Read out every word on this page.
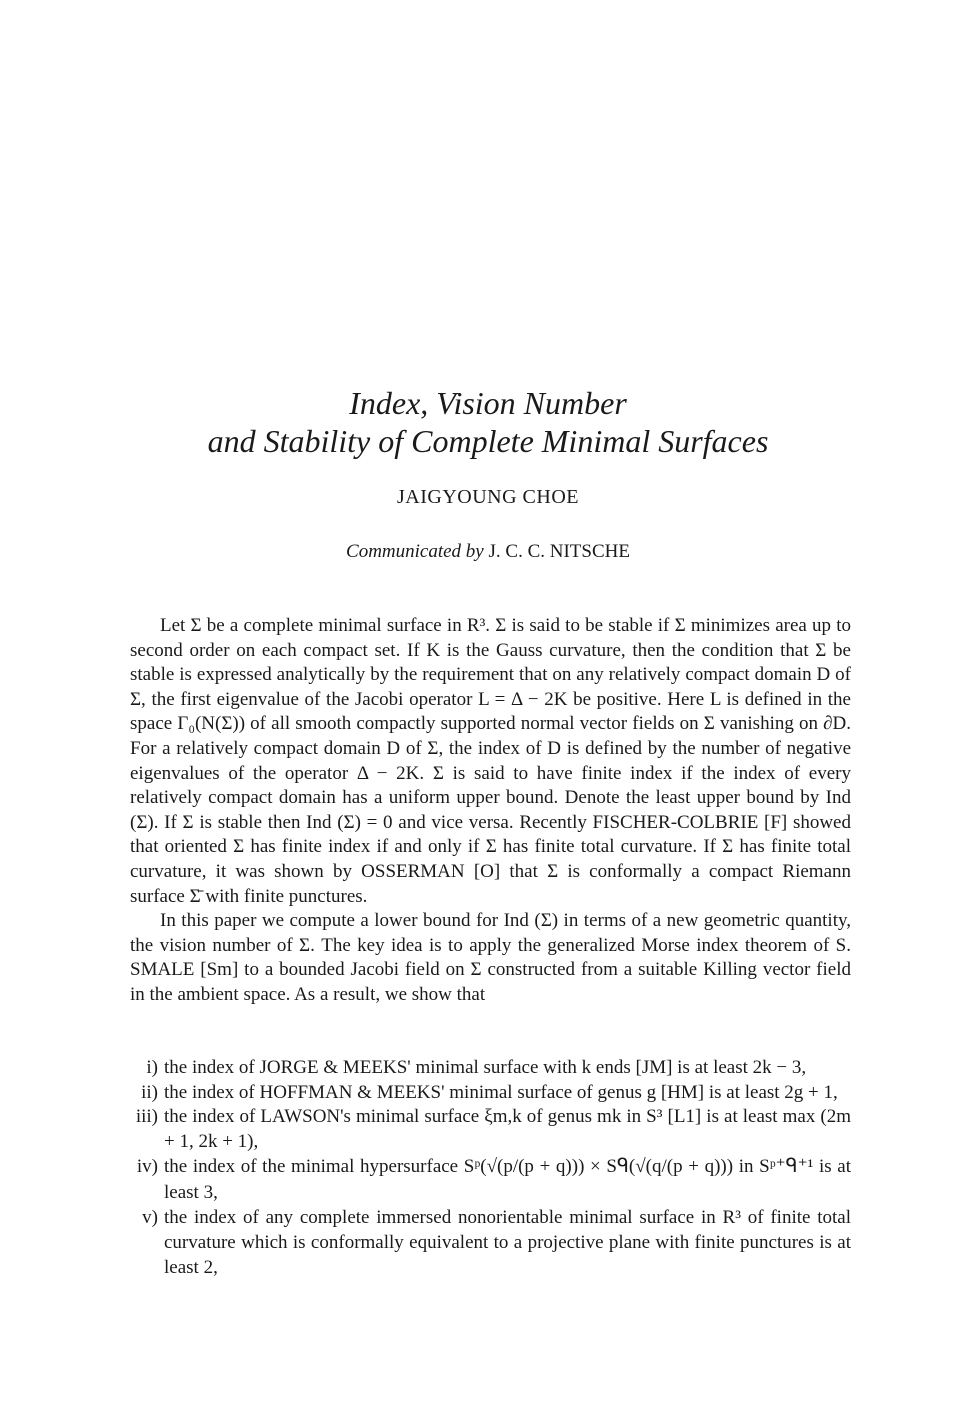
Index, Vision Number
and Stability of Complete Minimal Surfaces
JAIGYOUNG CHOE
Communicated by J. C. C. NITSCHE

Let Σ be a complete minimal surface in R³. Σ is said to be stable if Σ minimizes area up to second order on each compact set. If K is the Gauss curvature, then the condition that Σ be stable is expressed analytically by the requirement that on any relatively compact domain D of Σ, the first eigenvalue of the Jacobi operator L = Δ − 2K be positive. Here L is defined in the space Γ₀(N(Σ)) of all smooth compactly supported normal vector fields on Σ vanishing on ∂D. For a relatively compact domain D of Σ, the index of D is defined by the number of negative eigenvalues of the operator Δ − 2K. Σ is said to have finite index if the index of every relatively compact domain has a uniform upper bound. Denote the least upper bound by Ind (Σ). If Σ is stable then Ind (Σ) = 0 and vice versa. Recently FISCHER-COLBRIE [F] showed that oriented Σ has finite index if and only if Σ has finite total curvature. If Σ has finite total curvature, it was shown by OSSERMAN [O] that Σ is conformally a compact Riemann surface Σ̄ with finite punctures.

In this paper we compute a lower bound for Ind (Σ) in terms of a new geometric quantity, the vision number of Σ. The key idea is to apply the generalized Morse index theorem of S. SMALE [Sm] to a bounded Jacobi field on Σ constructed from a suitable Killing vector field in the ambient space. As a result, we show that

i) the index of JORGE & MEEKS' minimal surface with k ends [JM] is at least 2k − 3,
ii) the index of HOFFMAN & MEEKS' minimal surface of genus g [HM] is at least 2g + 1,
iii) the index of LAWSON's minimal surface ξm,k of genus mk in S³ [L1] is at least max (2m + 1, 2k + 1),
iv) the index of the minimal hypersurface Sᵖ(√(p/(p + q))) × Sᑫ(√(q/(p + q))) in Sᵖ⁺ᑫ⁺¹ is at least 3,
v) the index of any complete immersed nonorientable minimal surface in R³ of finite total curvature which is conformally equivalent to a projective plane with finite punctures is at least 2,
